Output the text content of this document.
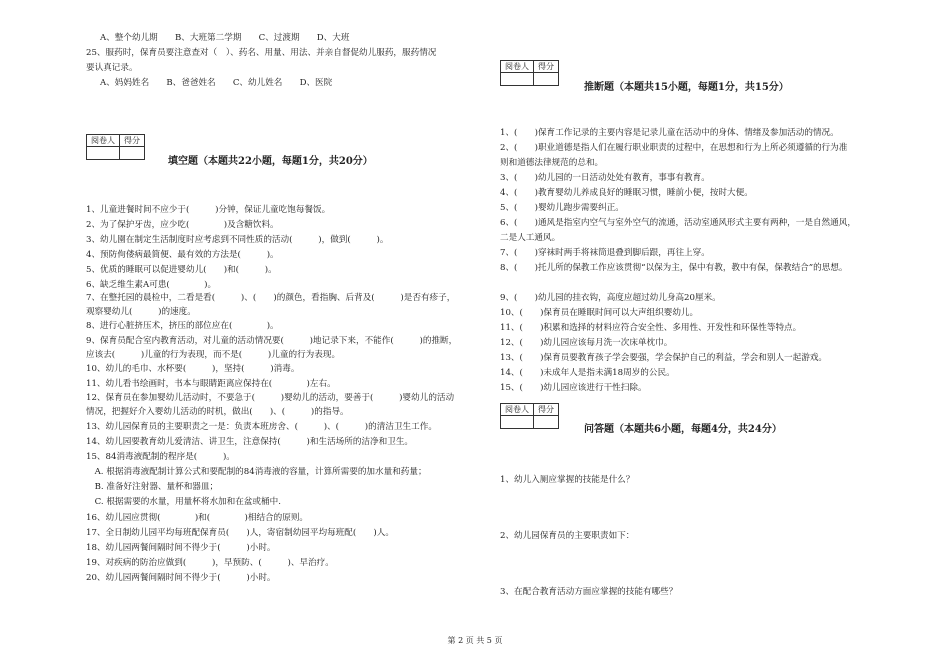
A、整个幼儿期　　B、大班第二学期　　C、过渡期　　D、大班
25、服药时，保育员要注意查对（　）、药名、用量、用法、并亲自督促幼儿服药，服药情况
要认真记录。
A、妈妈姓名　　B、爸爸姓名　　C、幼儿姓名　　D、医院
阅卷人	得分

填空题（本题共22小题，每题1分，共20分）
1、儿童进餐时间不应少于(　　　)分钟，保证儿童吃饱每餐饭。
2、为了保护牙齿，应少吃(　　　　)及含糖饮料。
3、幼儿園在制定生活制度时应考虑到不同性质的活动(　　　)，做到(　　　)。
4、预防佝偻病最简便、最有效的方法是(　　　)。
5、优质的睡眠可以促进婴幼儿(　　)和(　　　)。
6、缺乏维生素A可患(　　　　)。
7、在整托园的晨检中，二看是看(　　　)、(　　)的颜色，看指胸、后背及(　　　)是否有疹子，
观察婴幼儿(　　　)的速度。
8、进行心脏挤压术，挤压的部位应在(　　　　)。
9、保育员配合室内教育活动，对儿童的活动情况要(　　　)地记录下来，不能作(　　　)的推断，
应该去(　　　)儿童的行为表现，而不是(　　　)儿童的行为表现。
10、幼儿的毛巾、水杯要(　　　)，坚持(　　　)消毒。
11、幼儿看书绘画时，书本与眼睛距离应保持在(　　　　)左右。
12、保育员在参加婴幼儿活动时，不要急于(　　　)婴幼儿的活动，要善于(　　　)婴幼儿的活动
情况，把握好介入婴幼儿活动的时机，做出(　　)、(　　　)的指导。
13、幼儿园保育员的主要职责之一是：负责本班房舍、(　　　)、(　　　)的清洁卫生工作。
14、幼儿园要教育幼儿爱清洁、讲卫生，注意保持(　　　)和生活场所的洁净和卫生。
15、84消毒液配制的程序是(　　　)。
　A. 根据消毒液配制计算公式和要配制的84消毒液的容量，计算所需要的加水量和药量；
　B. 准备好注射器、量杯和器皿；
　C. 根据需要的水量，用量杯将水加和在盆或桶中.
16、幼儿园应贯彻(　　　　)和(　　　　)相结合的原则。
17、全日制幼儿园平均每班配保育员(　　)人，寄宿制幼园平均每班配(　　)人。
18、幼儿园两餐间隔时间不得少于(　　　)小时。
19、对疾病的防治应做到(　　　)，早预防、(　　　)、早治疗。
20、幼儿园两餐间隔时间不得少于(　　　)小时。
阅卷人	得分

推断题（本题共15小题，每题1分，共15分）
1、(　　)保育工作记录的主要内容是记录儿童在活动中的身体、情绪及参加活动的情况。
2、(　　)职业道德是指人们在履行职业职责的过程中，在思想和行为上所必须遵循的行为准
则和道德法律规范的总和。
3、(　　)幼儿园的一日活动处处有教育，事事有教育。
4、(　　)教育婴幼儿养成良好的睡眠习惯，睡前小便，按时大便。
5、(　　)婴幼儿跑步需要纠正。
6、(　　)通风是指室内空气与室外空气的流通，活动室通风形式主要有两种，一是自然通风，
二是人工通风。
7、(　　)穿袜时两手将袜筒退叠到脚后跟，再往上穿。
8、(　　)托儿所的保教工作应该贯彻“以保为主，保中有教，教中有保，保教结合”的思想。
9、(　　)幼儿园的挂衣钩，高度应超过幼儿身高20厘米。
10、(　　)保育员在睡眠时间可以大声组织婴幼儿。
11、(　　)积累和选择的材料应符合安全性、多用性、开发性和环保性等特点。
12、(　　)幼儿园应该每月洗一次床单枕巾。
13、(　　)保育员要教育孩子学会要强，学会保护自己的利益，学会和别人一起游戏。
14、(　　)未成年人是指未满18周岁的公民。
15、(　　)幼儿园应该进行干性扫除。
阅卷人	得分

问答题（本题共6小题，每题4分，共24分）
1、幼儿入厕应掌握的技能是什么？
2、幼儿园保育员的主要职责如下：
3、在配合教育活动方面应掌握的技能有哪些？
第 2 页 共 5 页
